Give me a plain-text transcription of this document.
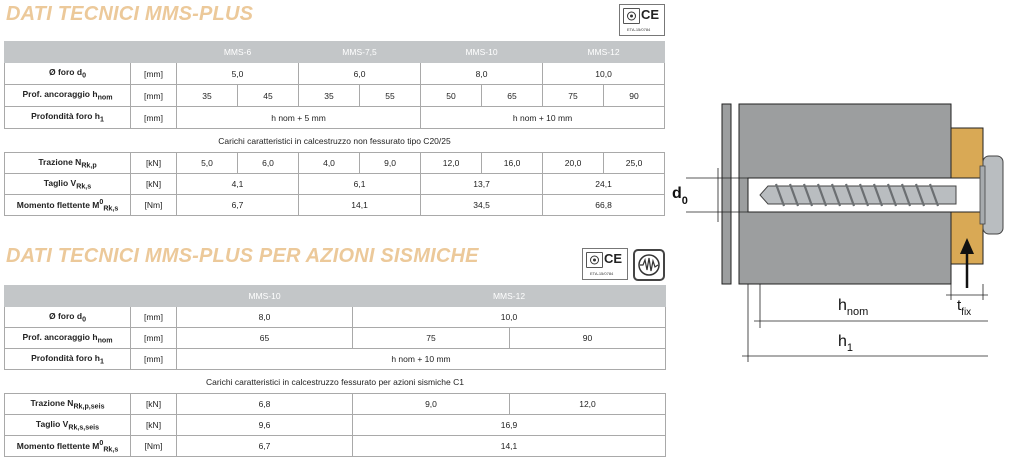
DATI TECNICI MMS-PLUS	CE
ETA-15/0784
		MMS-6		MMS-7,5		MMS-10		MMS-12	
Ø foro $d_0$	[mm]	5,0		6,0		8,0		10,0	
Prof. ancoraggio $h_{nom}$	[mm]	35	45	35	55	50	65	75	90
Profondità foro $h_1$	[mm]	h nom + 5 mm				h nom + 10 mm			
Carichi caratteristici in calcestruzzo non fessurato tipo C20/25									
Trazione $N_{Rk,p}$	[kN]	5,0	6,0	4,0	9,0	12,0	16,0	20,0	25,0
Taglio $V_{Rk,s}$	[kN]	4,1		6,1		13,7		24,1	
Momento flettente $M^0_{Rk,s}$	[Nm]	6,7		14,1		34,5		66,8	
DATI TECNICI MMS-PLUS PER AZIONI SISMICHE	CE
ETA-15/0784
		MMS-10	MMS-12	
Ø foro $d_0$	[mm]	8,0	10,0	
Prof. ancoraggio $h_{nom}$	[mm]	65	75	90
Profondità foro $h_1$	[mm]	h nom + 10 mm		
Carichi caratteristici in calcestruzzo fessurato per azioni sismiche C1				
Trazione $N_{Rk,p,seis}$	[kN]	6,8	9,0	12,0
Taglio $V_{Rk,s,seis}$	[kN]	9,6	16,9	
Momento flettente $M^0_{Rk,s}$	[Nm]	6,7	14,1	
$d_0$
$t_{fix}$
$h_{nom}$
$h_1$
